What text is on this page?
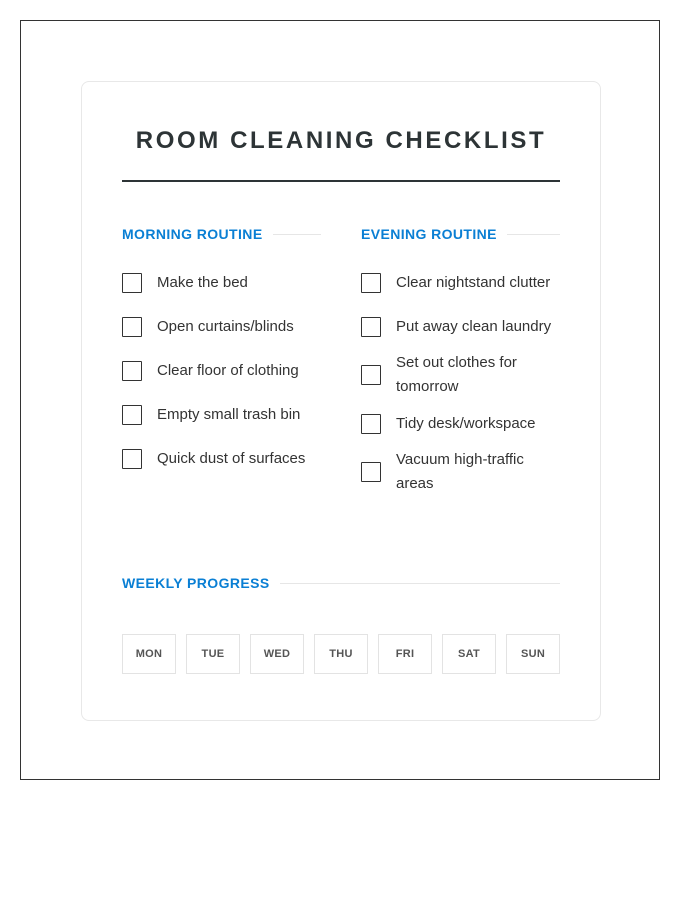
ROOM CLEANING CHECKLIST
MORNING ROUTINE	EVENING ROUTINE
Make the bed
Open curtains/blinds
Clear floor of clothing
Empty small trash bin
Quick dust of surfaces
Clear nightstand clutter
Put away clean laundry
Set out clothes for tomorrow
Tidy desk/workspace
Vacuum high-traffic areas
WEEKLY PROGRESS
MON	TUE	WED	THU	FRI	SAT	SUN
